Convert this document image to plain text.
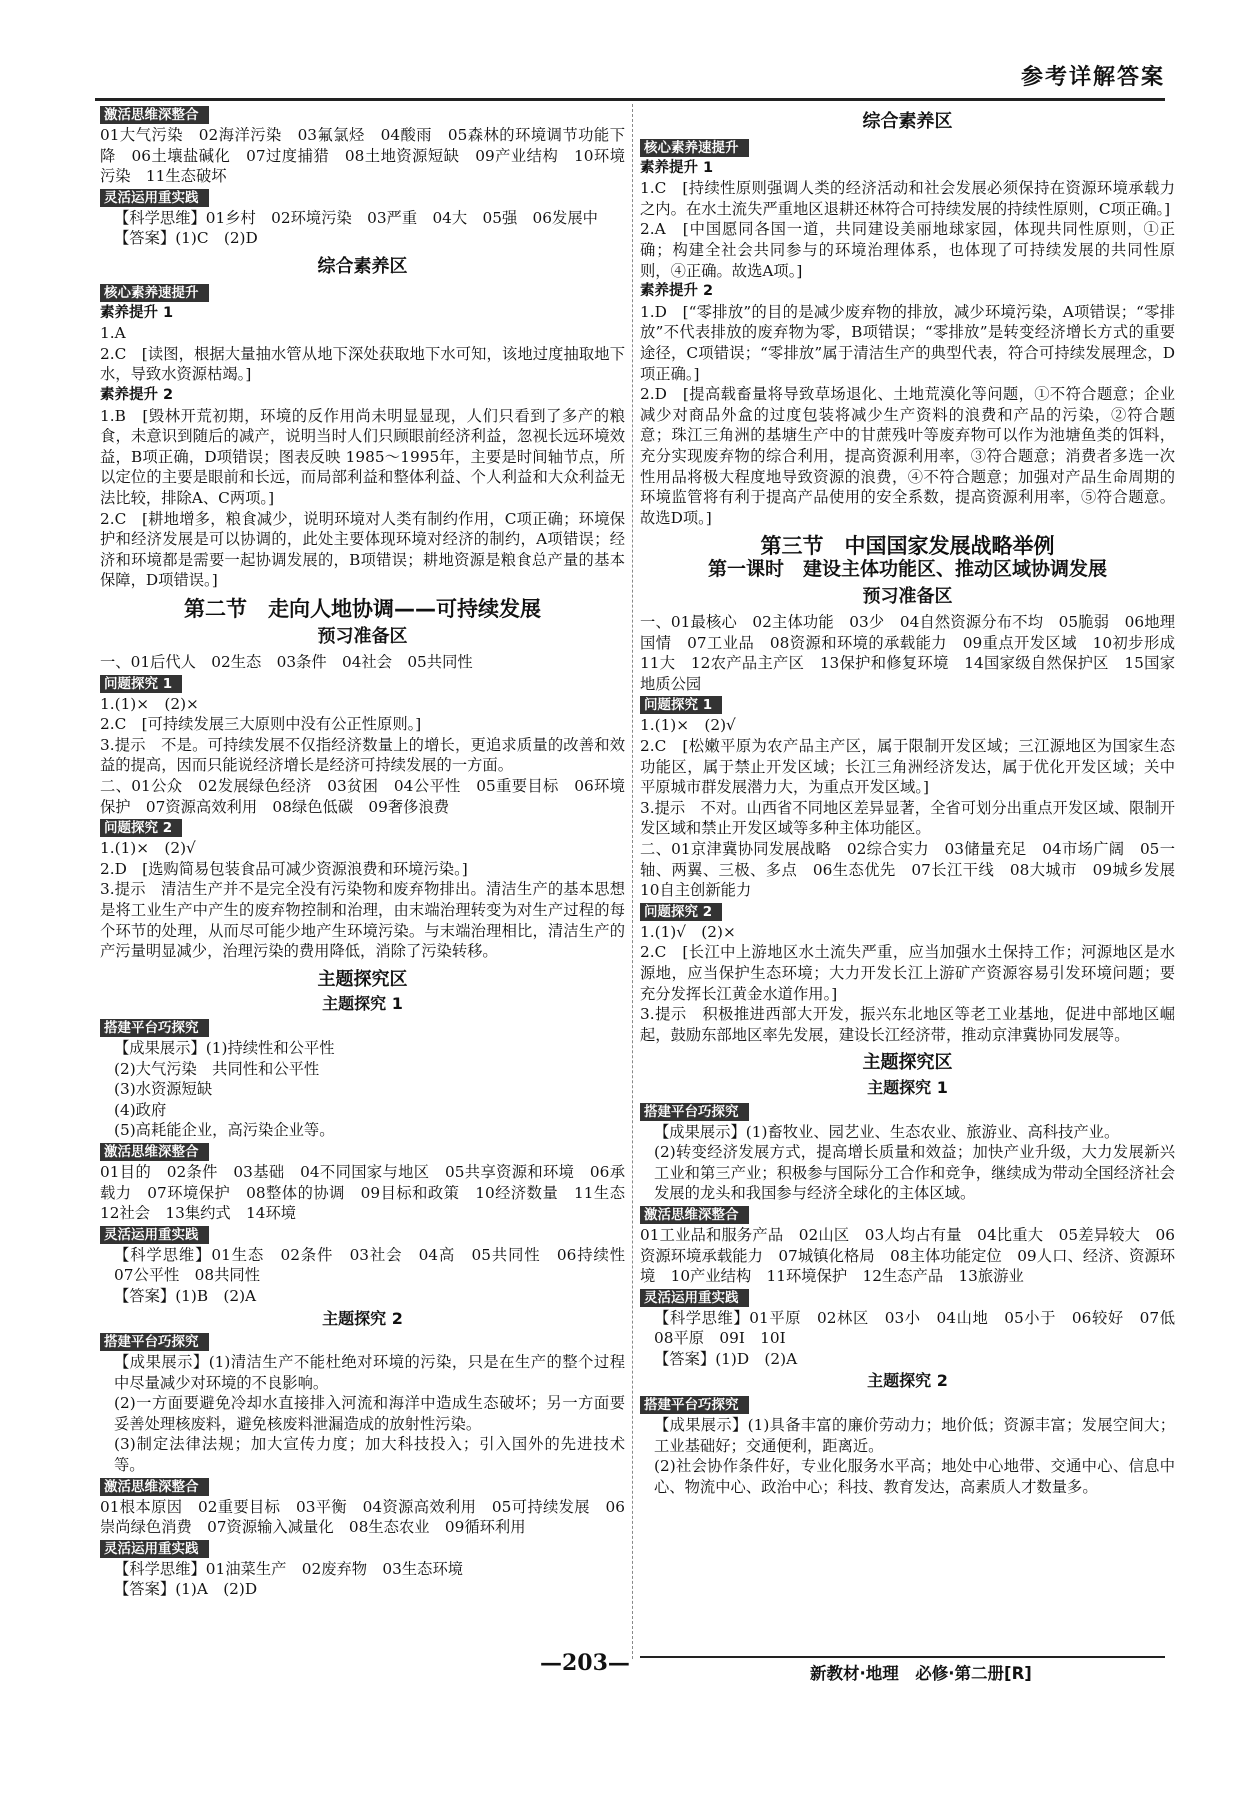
参考详解答案
激活思维深整合
01大气污染　02海洋污染　03氟氯烃　04酸雨　05森林的环境调节功能下降　06土壤盐碱化　07过度捕猎　08土地资源短缺　09产业结构　10环境污染　11生态破坏
灵活运用重实践
【科学思维】01乡村　02环境污染　03严重　04大　05强　06发展中
【答案】(1)C　(2)D
综合素养区
核心素养速提升
素养提升 1
1.A
2.C　[读图，根据大量抽水管从地下深处获取地下水可知，该地过度抽取地下水，导致水资源枯竭。]
素养提升 2
1.B　[毁林开荒初期，环境的反作用尚未明显显现，人们只看到了多产的粮食，未意识到随后的减产，说明当时人们只顾眼前经济利益，忽视长远环境效益，B项正确，D项错误；图表反映 1985～1995年，主要是时间轴节点，所以定位的主要是眼前和长远，而局部利益和整体利益、个人利益和大众利益无法比较，排除A、C两项。]
2.C　[耕地增多，粮食减少，说明环境对人类有制约作用，C项正确；环境保护和经济发展是可以协调的，此处主要体现环境对经济的制约，A项错误；经济和环境都是需要一起协调发展的，B项错误；耕地资源是粮食总产量的基本保障，D项错误。]
第二节　走向人地协调——可持续发展
预习准备区
一、01后代人　02生态　03条件　04社会　05共同性
问题探究 1
1.(1)×　(2)×
2.C　[可持续发展三大原则中没有公正性原则。]
3.提示　不是。可持续发展不仅指经济数量上的增长，更追求质量的改善和效益的提高，因而只能说经济增长是经济可持续发展的一方面。
二、01公众　02发展绿色经济　03贫困　04公平性　05重要目标　06环境保护　07资源高效利用　08绿色低碳　09奢侈浪费
问题探究 2
1.(1)×　(2)√
2.D　[选购简易包装食品可减少资源浪费和环境污染。]
3.提示　清洁生产并不是完全没有污染物和废弃物排出。清洁生产的基本思想是将工业生产中产生的废弃物控制和治理，由末端治理转变为对生产过程的每个环节的处理，从而尽可能少地产生环境污染。与末端治理相比，清洁生产的产污量明显减少，治理污染的费用降低，消除了污染转移。
主题探究区
主题探究 1
搭建平台巧探究
【成果展示】(1)持续性和公平性
(2)大气污染　共同性和公平性
(3)水资源短缺
(4)政府
(5)高耗能企业，高污染企业等。
激活思维深整合
01目的　02条件　03基础　04不同国家与地区　05共享资源和环境　06承载力　07环境保护　08整体的协调　09目标和政策　10经济数量　11生态　12社会　13集约式　14环境
灵活运用重实践
【科学思维】01生态　02条件　03社会　04高　05共同性　06持续性　07公平性　08共同性
【答案】(1)B　(2)A
主题探究 2
搭建平台巧探究
【成果展示】(1)清洁生产不能杜绝对环境的污染，只是在生产的整个过程中尽量减少对环境的不良影响。
(2)一方面要避免冷却水直接排入河流和海洋中造成生态破坏；另一方面要妥善处理核废料，避免核废料泄漏造成的放射性污染。
(3)制定法律法规；加大宣传力度；加大科技投入；引入国外的先进技术等。
激活思维深整合
01根本原因　02重要目标　03平衡　04资源高效利用　05可持续发展　06崇尚绿色消费　07资源输入减量化　08生态农业　09循环利用
灵活运用重实践
【科学思维】01油菜生产　02废弃物　03生态环境
【答案】(1)A　(2)D
综合素养区
核心素养速提升
素养提升 1
1.C　[持续性原则强调人类的经济活动和社会发展必须保持在资源环境承载力之内。在水土流失严重地区退耕还林符合可持续发展的持续性原则，C项正确。]
2.A　[中国愿同各国一道，共同建设美丽地球家园，体现共同性原则，①正确；构建全社会共同参与的环境治理体系，也体现了可持续发展的共同性原则，④正确。故选A项。]
素养提升 2
1.D　[“零排放”的目的是减少废弃物的排放，减少环境污染，A项错误；“零排放”不代表排放的废弃物为零，B项错误；“零排放”是转变经济增长方式的重要途径，C项错误；“零排放”属于清洁生产的典型代表，符合可持续发展理念，D项正确。]
2.D　[提高载畜量将导致草场退化、土地荒漠化等问题，①不符合题意；企业减少对商品外盒的过度包装将减少生产资料的浪费和产品的污染，②符合题意；珠江三角洲的基塘生产中的甘蔗残叶等废弃物可以作为池塘鱼类的饵料，充分实现废弃物的综合利用，提高资源利用率，③符合题意；消费者多选一次性用品将极大程度地导致资源的浪费，④不符合题意；加强对产品生命周期的环境监管将有利于提高产品使用的安全系数，提高资源利用率，⑤符合题意。故选D项。]
第三节　中国国家发展战略举例
第一课时　建设主体功能区、推动区域协调发展
预习准备区
一、01最核心　02主体功能　03少　04自然资源分布不均　05脆弱　06地理国情　07工业品　08资源和环境的承载能力　09重点开发区域　10初步形成　11大　12农产品主产区　13保护和修复环境　14国家级自然保护区　15国家地质公园
问题探究 1
1.(1)×　(2)√
2.C　[松嫩平原为农产品主产区，属于限制开发区域；三江源地区为国家生态功能区，属于禁止开发区域；长江三角洲经济发达，属于优化开发区域；关中平原城市群发展潜力大，为重点开发区域。]
3.提示　不对。山西省不同地区差异显著，全省可划分出重点开发区域、限制开发区域和禁止开发区域等多种主体功能区。
二、01京津冀协同发展战略　02综合实力　03储量充足　04市场广阔　05一轴、两翼、三极、多点　06生态优先　07长江干线　08大城市　09城乡发展　10自主创新能力
问题探究 2
1.(1)√　(2)×
2.C　[长江中上游地区水土流失严重，应当加强水土保持工作；河源地区是水源地，应当保护生态环境；大力开发长江上游矿产资源容易引发环境问题；要充分发挥长江黄金水道作用。]
3.提示　积极推进西部大开发，振兴东北地区等老工业基地，促进中部地区崛起，鼓励东部地区率先发展，建设长江经济带，推动京津冀协同发展等。
主题探究区
主题探究 1
搭建平台巧探究
【成果展示】(1)畜牧业、园艺业、生态农业、旅游业、高科技产业。
(2)转变经济发展方式，提高增长质量和效益；加快产业升级，大力发展新兴工业和第三产业；积极参与国际分工合作和竞争，继续成为带动全国经济社会发展的龙头和我国参与经济全球化的主体区域。
激活思维深整合
01工业品和服务产品　02山区　03人均占有量　04比重大　05差异较大　06资源环境承载能力　07城镇化格局　08主体功能定位　09人口、经济、资源环境　10产业结构　11环境保护　12生态产品　13旅游业
灵活运用重实践
【科学思维】01平原　02林区　03小　04山地　05小于　06较好　07低　08平原　09Ⅰ　10Ⅰ
【答案】(1)D　(2)A
主题探究 2
搭建平台巧探究
【成果展示】(1)具备丰富的廉价劳动力；地价低；资源丰富；发展空间大；工业基础好；交通便利，距离近。
(2)社会协作条件好，专业化服务水平高；地处中心地带、交通中心、信息中心、物流中心、政治中心；科技、教育发达，高素质人才数量多。
—203—	新教材·地理　必修·第二册[R]
